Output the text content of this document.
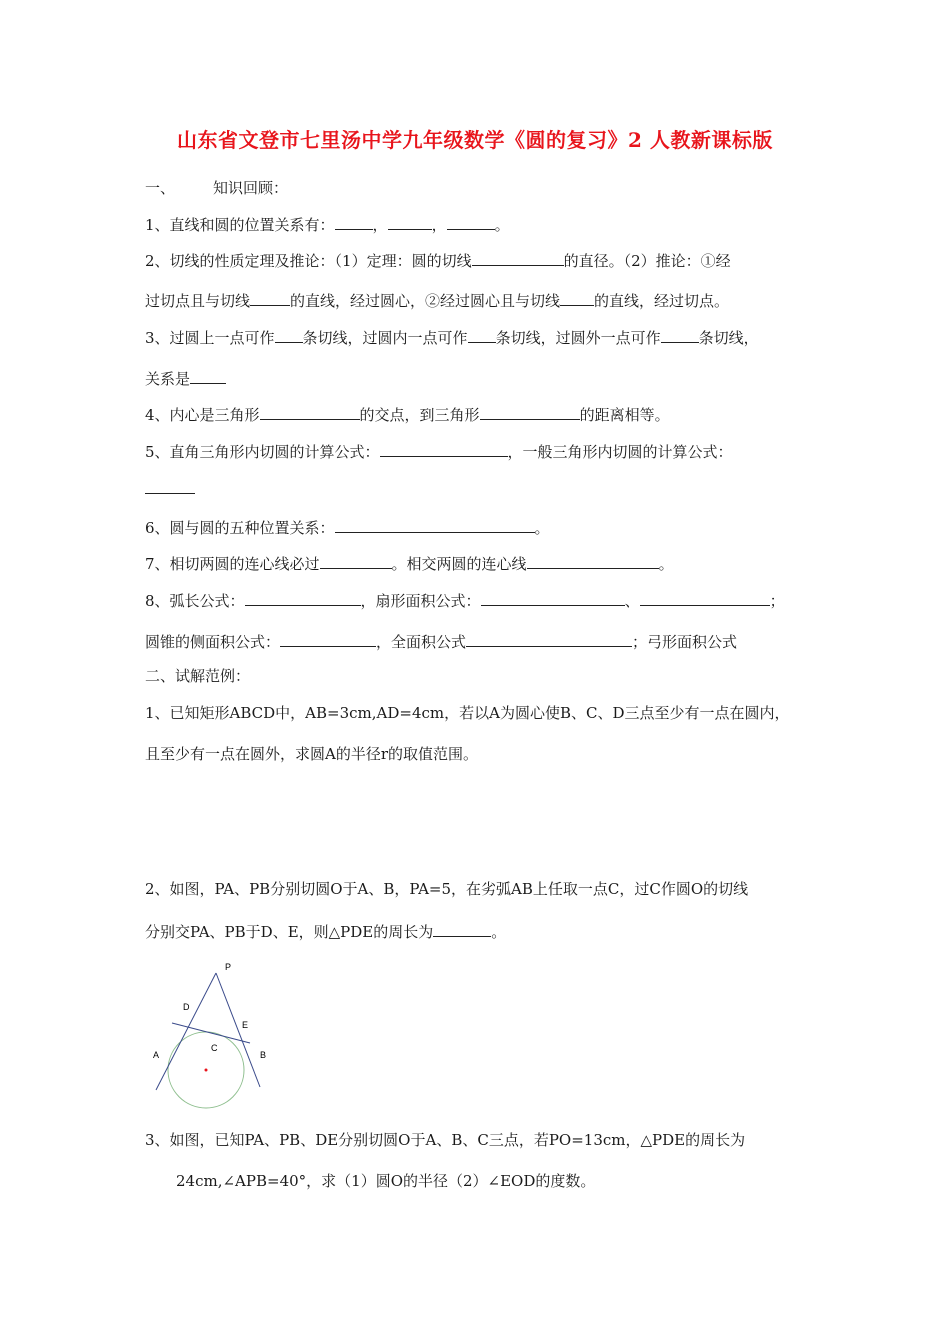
山东省文登市七里汤中学九年级数学《圆的复习》2 人教新课标版
一、	知识回顾：
1、直线和圆的位置关系有：	，	，	。
2、切线的性质定理及推论：（1）定理：圆的切线	的直径。（2）推论：①经
过切点且与切线	的直线，经过圆心，②经过圆心且与切线 的直线，经过切点。
3、过圆上一点可作 条切线，过圆内一点可作 条切线，过圆外一点可作	条切线，
关系是
4、内心是三角形	的交点，到三角形	的距离相等。
5、直角三角形内切圆的计算公式：	，一般三角形内切圆的计算公式：
6、圆与圆的五种位置关系：	。
7、相切两圆的连心线必过	。相交两圆的连心线	。
8、弧长公式：	，扇形面积公式：	、	；
圆锥的侧面积公式：	，全面积公式	；弓形面积公式
二、试解范例：
1、已知矩形ABCD中，AB=3cm,AD=4cm，若以A为圆心使B、C、D三点至少有一点在圆内，
且至少有一点在圆外，求圆A的半径r的取值范围。
2、如图，PA、PB分别切圆O于A、B，PA=5，在劣弧AB上任取一点C，过C作圆O的切线
分别交PA、PB于D、E，则△PDE的周长为	。
P
D
E
C
A	B
3、如图，已知PA、PB、DE分别切圆O于A、B、C三点，若PO=13cm，△PDE的周长为
24cm,∠APB=40°，求（1）圆O的半径（2）∠EOD的度数。
